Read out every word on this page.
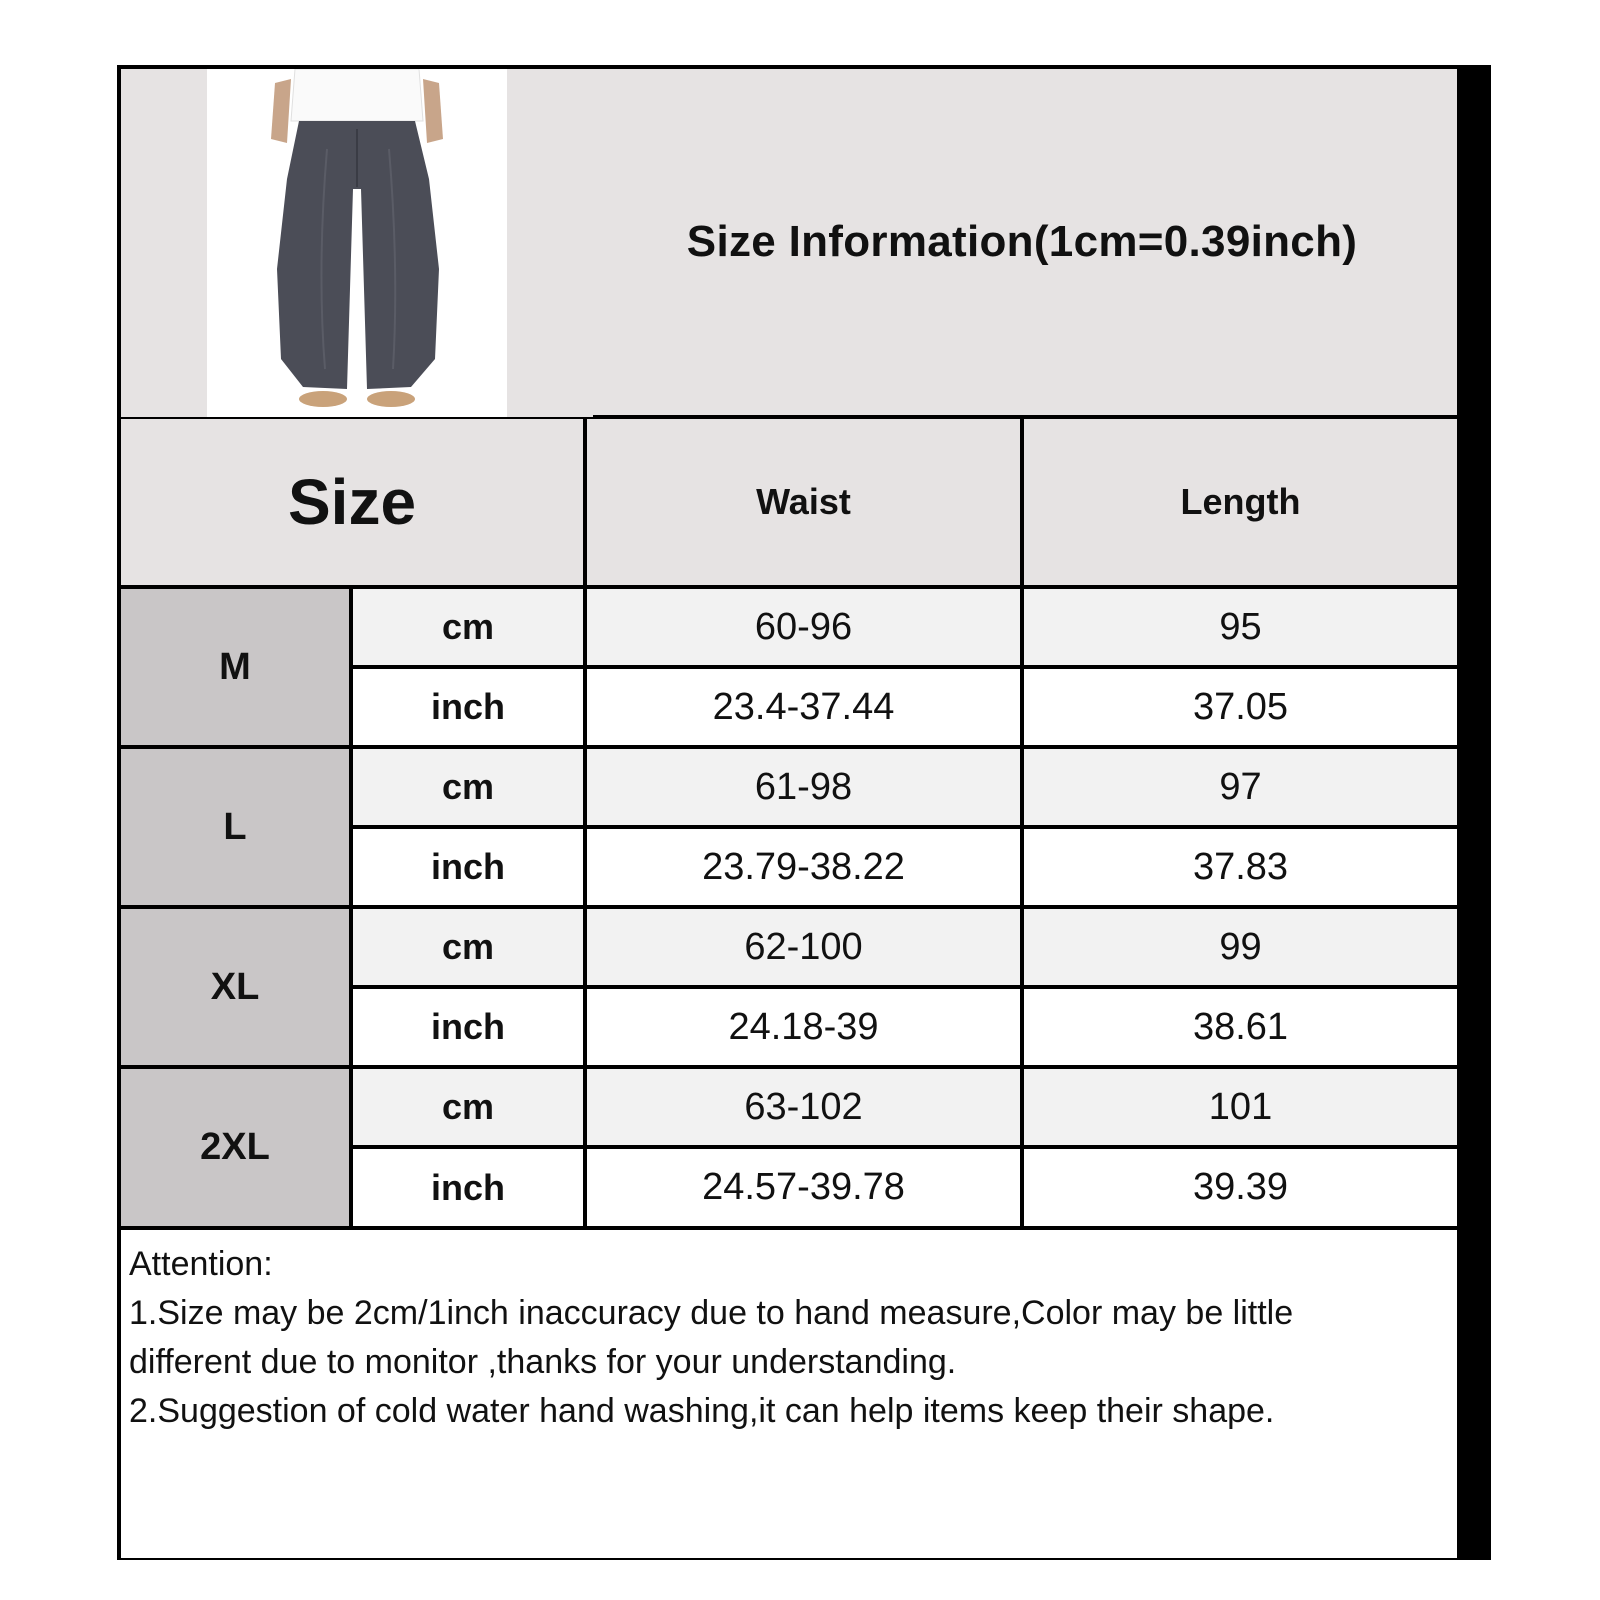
Size Information(1cm=0.39inch)
Size	Waist	Length
M
cm	60-96	95
inch	23.4-37.44	37.05
L
cm	61-98	97
inch	23.79-38.22	37.83
XL
cm	62-100	99
inch	24.18-39	38.61
2XL
cm	63-102	101
inch	24.57-39.78	39.39
Attention:
1.Size may be 2cm/1inch inaccuracy due to hand measure,Color may be little
different due to monitor ,thanks for your understanding.
2.Suggestion of cold water hand washing,it can help items keep their shape.
